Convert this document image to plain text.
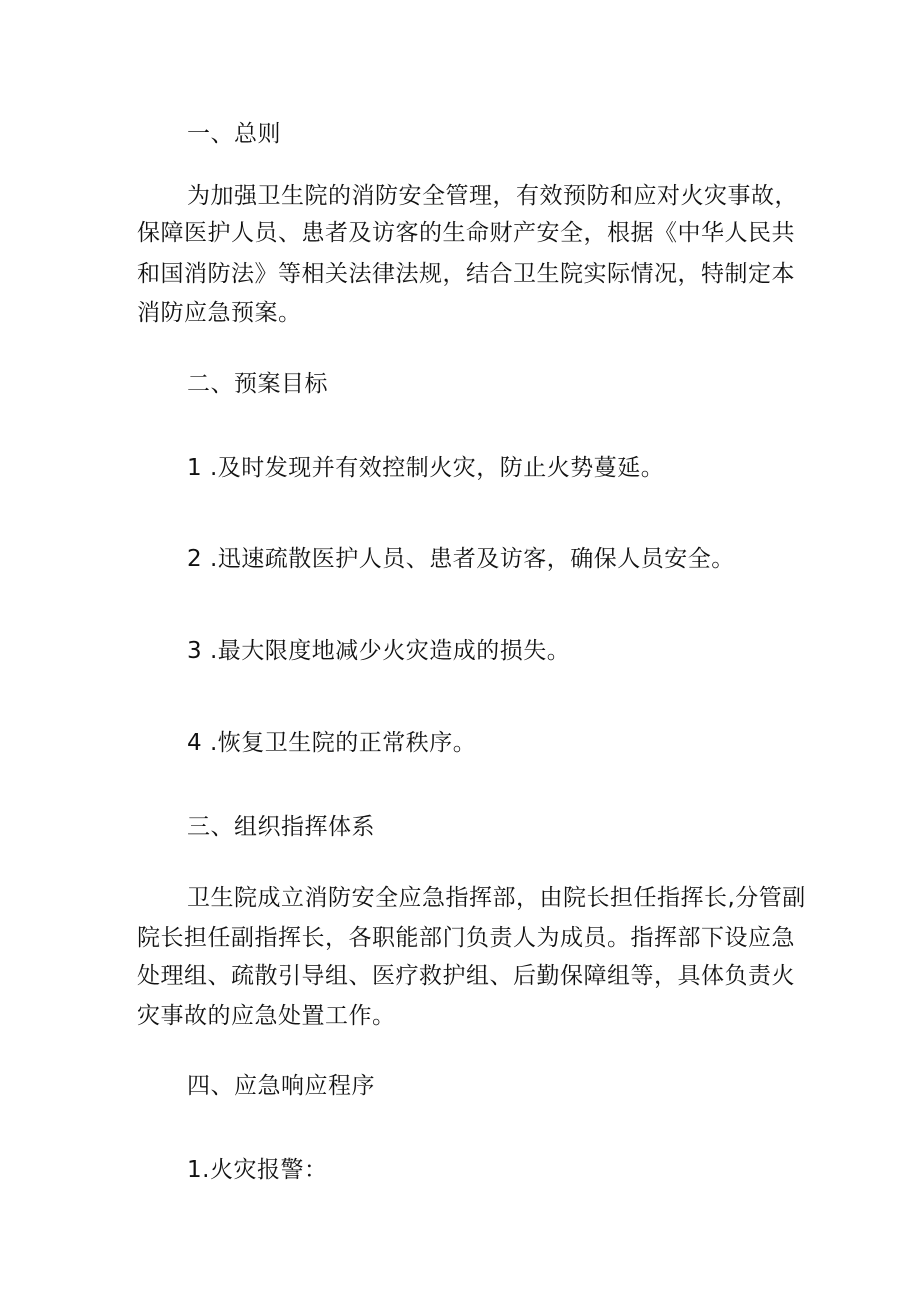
一、总则

为加强卫生院的消防安全管理，有效预防和应对火灾事故，

保障医护人员、患者及访客的生命财产安全，根据《中华人民共

和国消防法》等相关法律法规，结合卫生院实际情况，特制定本

消防应急预案。

二、预案目标

1 .及时发现并有效控制火灾，防止火势蔓延。

2 .迅速疏散医护人员、患者及访客，确保人员安全。

3 .最大限度地减少火灾造成的损失。

4 .恢复卫生院的正常秩序。

三、组织指挥体系

卫生院成立消防安全应急指挥部，由院长担任指挥长,分管副

院长担任副指挥长，各职能部门负责人为成员。指挥部下设应急

处理组、疏散引导组、医疗救护组、后勤保障组等，具体负责火

灾事故的应急处置工作。

四、应急响应程序

1.火灾报警：
